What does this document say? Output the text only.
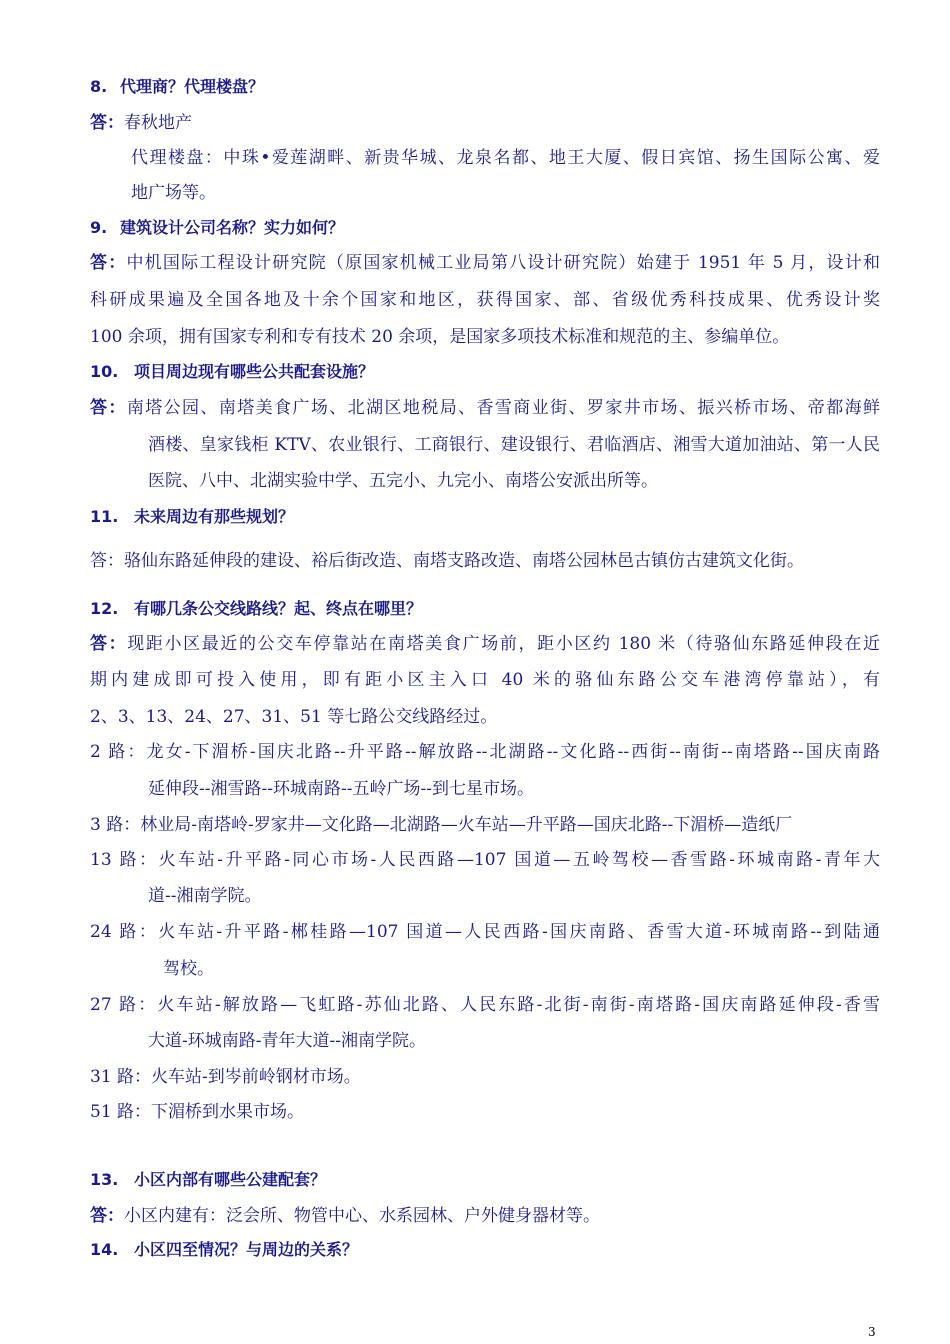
8. 代理商？代理楼盘？
答：春秋地产
代理楼盘：中珠•爱莲湖畔、新贵华城、龙泉名都、地王大厦、假日宾馆、扬生国际公寓、爱
地广场等。
9. 建筑设计公司名称？实力如何？
答：中机国际工程设计研究院（原国家机械工业局第八设计研究院）始建于 1951 年 5 月，设计和
科研成果遍及全国各地及十余个国家和地区，获得国家、部、省级优秀科技成果、优秀设计奖
100 余项，拥有国家专利和专有技术 20 余项，是国家多项技术标准和规范的主、参编单位。
10. 项目周边现有哪些公共配套设施？
答：南塔公园、南塔美食广场、北湖区地税局、香雪商业街、罗家井市场、振兴桥市场、帝都海鲜
酒楼、皇家钱柜 KTV、农业银行、工商银行、建设银行、君临酒店、湘雪大道加油站、第一人民
医院、八中、北湖实验中学、五完小、九完小、南塔公安派出所等。
11. 未来周边有那些规划？
答：骆仙东路延伸段的建设、裕后街改造、南塔支路改造、南塔公园林邑古镇仿古建筑文化街。
12. 有哪几条公交线路线？起、终点在哪里？
答：现距小区最近的公交车停靠站在南塔美食广场前，距小区约 180 米（待骆仙东路延伸段在近
期内建成即可投入使用，即有距小区主入口 40 米的骆仙东路公交车港湾停靠站），有
2、3、13、24、27、31、51 等七路公交线路经过。
2 路：龙女-下湄桥-国庆北路--升平路--解放路--北湖路--文化路--西街--南街--南塔路--国庆南路
延伸段--湘雪路--环城南路--五岭广场--到七星市场。
3 路：林业局-南塔岭-罗家井—文化路—北湖路—火车站—升平路—国庆北路--下湄桥—造纸厂
13 路：火车站-升平路-同心市场-人民西路—107 国道—五岭驾校—香雪路-环城南路-青年大
道--湘南学院。
24 路：火车站-升平路-郴桂路—107 国道—人民西路-国庆南路、香雪大道-环城南路--到陆通
驾校。
27 路：火车站-解放路—飞虹路-苏仙北路、人民东路-北街-南街-南塔路-国庆南路延伸段-香雪
大道-环城南路-青年大道--湘南学院。
31 路：火车站-到岑前岭钢材市场。
51 路：下湄桥到水果市场。
13. 小区内部有哪些公建配套？
答：小区内建有：泛会所、物管中心、水系园林、户外健身器材等。
14. 小区四至情况？与周边的关系？
3
